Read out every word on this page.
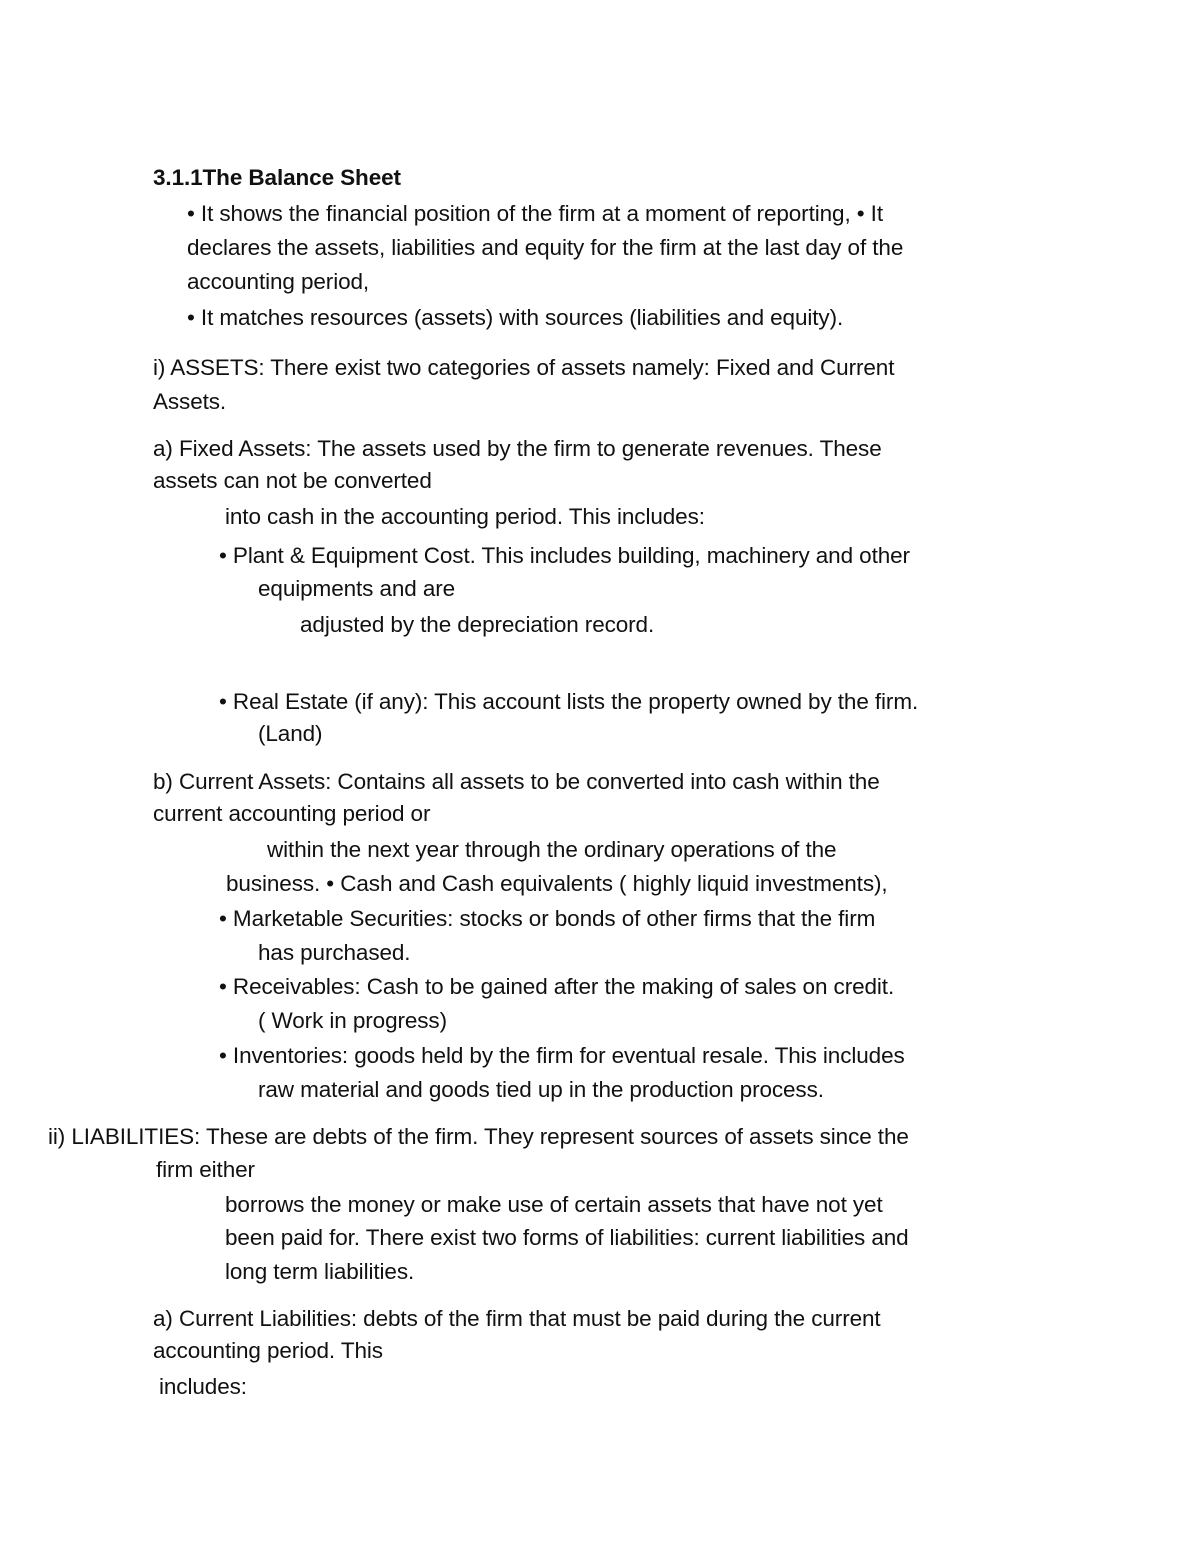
3.1.1The Balance Sheet
• It shows the financial position of the firm at a moment of reporting, • It
declares the assets, liabilities and equity for the firm at the last day of the
accounting period,
• It matches resources (assets) with sources (liabilities and equity).
i) ASSETS: There exist two categories of assets namely: Fixed and Current
Assets.
a) Fixed Assets: The assets used by the firm to generate revenues. These
assets can not be converted
into cash in the accounting period. This includes:
• Plant & Equipment Cost. This includes building, machinery and other
equipments and are
adjusted by the depreciation record.
• Real Estate (if any): This account lists the property owned by the firm.
(Land)
b) Current Assets: Contains all assets to be converted into cash within the
current accounting period or
within the next year through the ordinary operations of the
business. • Cash and Cash equivalents ( highly liquid investments),
• Marketable Securities: stocks or bonds of other firms that the firm
has purchased.
• Receivables: Cash to be gained after the making of sales on credit.
( Work in progress)
• Inventories: goods held by the firm for eventual resale. This includes
raw material and goods tied up in the production process.
ii) LIABILITIES: These are debts of the firm. They represent sources of assets since the
firm either
borrows the money or make use of certain assets that have not yet
been paid for. There exist two forms of liabilities: current liabilities and
long term liabilities.
a) Current Liabilities: debts of the firm that must be paid during the current
accounting period. This
includes:
